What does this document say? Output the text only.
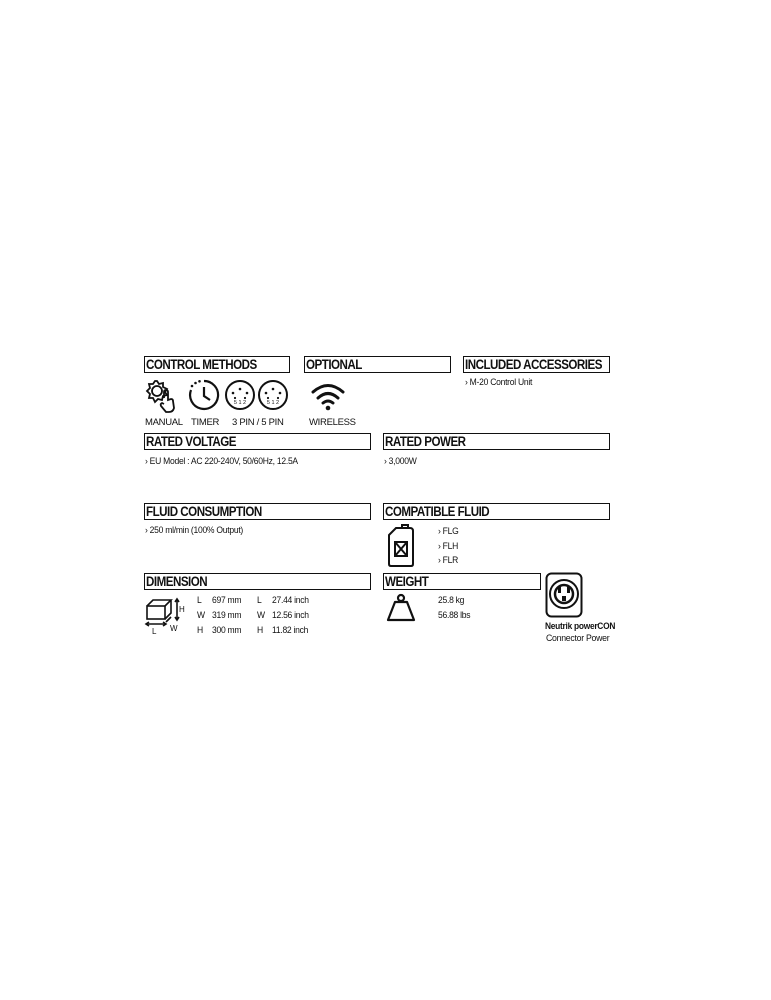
CONTROL METHODS
5 1 2	5 1 2
MANUAL TIMER 3 PIN / 5 PIN
OPTIONAL
WIRELESS
INCLUDED ACCESSORIES
› M-20 Control Unit
RATED VOLTAGE
› EU Model : AC 220-240V, 50/60Hz, 12.5A
RATED POWER
› 3,000W
FLUID CONSUMPTION
› 250 ml/min (100% Output)
COMPATIBLE FLUID
› FLG
› FLH
› FLR
DIMENSION
H
L W
L 697 mm
W 319 mm
H 300 mm
L 27.44 inch
W 12.56 inch
H 11.82 inch
WEIGHT
25.8 kg
56.88 lbs
Neutrik powerCON
Connector Power
